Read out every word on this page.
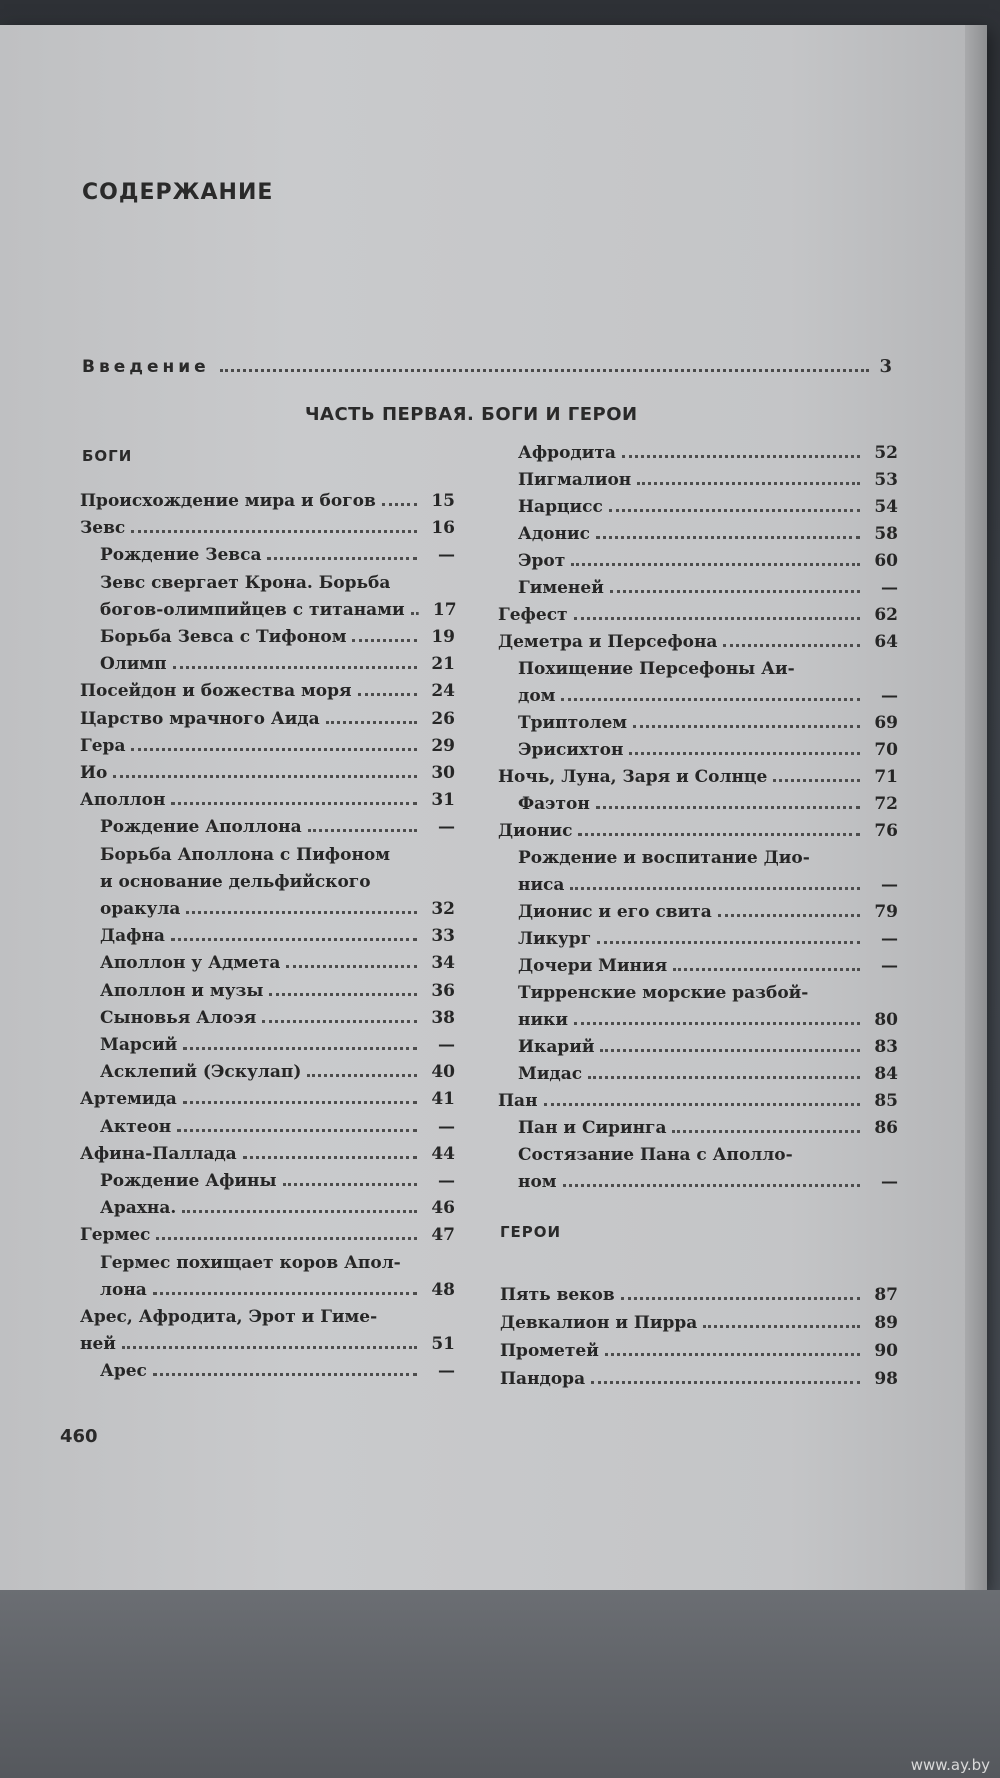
СОДЕРЖАНИЕ
Введение	3
ЧАСТЬ ПЕРВАЯ. БОГИ И ГЕРОИ
БОГИ
ГЕРОИ
Происхождение мира и богов	15
Зевс	16
Рождение Зевса	—
Зевс свергает Крона. Борьба
богов-олимпийцев с титанами	17
Борьба Зевса с Тифоном	19
Олимп	21
Посейдон и божества моря	24
Царство мрачного Аида	26
Гера	29
Ио	30
Аполлон	31
Рождение Аполлона	—
Борьба Аполлона с Пифоном
и основание дельфийского
оракула	32
Дафна	33
Аполлон у Адмета	34
Аполлон и музы	36
Сыновья Алоэя	38
Марсий	—
Асклепий (Эскулап)	40
Артемида	41
Актеон	—
Афина-Паллада	44
Рождение Афины	—
Арахна.	46
Гермес	47
Гермес похищает коров Апол-
лона	48
Арес, Афродита, Эрот и Гиме-
ней	51
Арес	—
Афродита	52
Пигмалион	53
Нарцисс	54
Адонис	58
Эрот	60
Гименей	—
Гефест	62
Деметра и Персефона	64
Похищение Персефоны Аи-
дом	—
Триптолем	69
Эрисихтон	70
Ночь, Луна, Заря и Солнце	71
Фаэтон	72
Дионис	76
Рождение и воспитание Дио-
ниса	—
Дионис и его свита	79
Ликург	—
Дочери Миния	—
Тирренские морские разбой-
ники	80
Икарий	83
Мидас	84
Пан	85
Пан и Сиринга	86
Состязание Пана с Аполло-
ном	—
Пять веков	87
Девкалион и Пирра	89
Прометей	90
Пандора	98
460
www.ay.by
